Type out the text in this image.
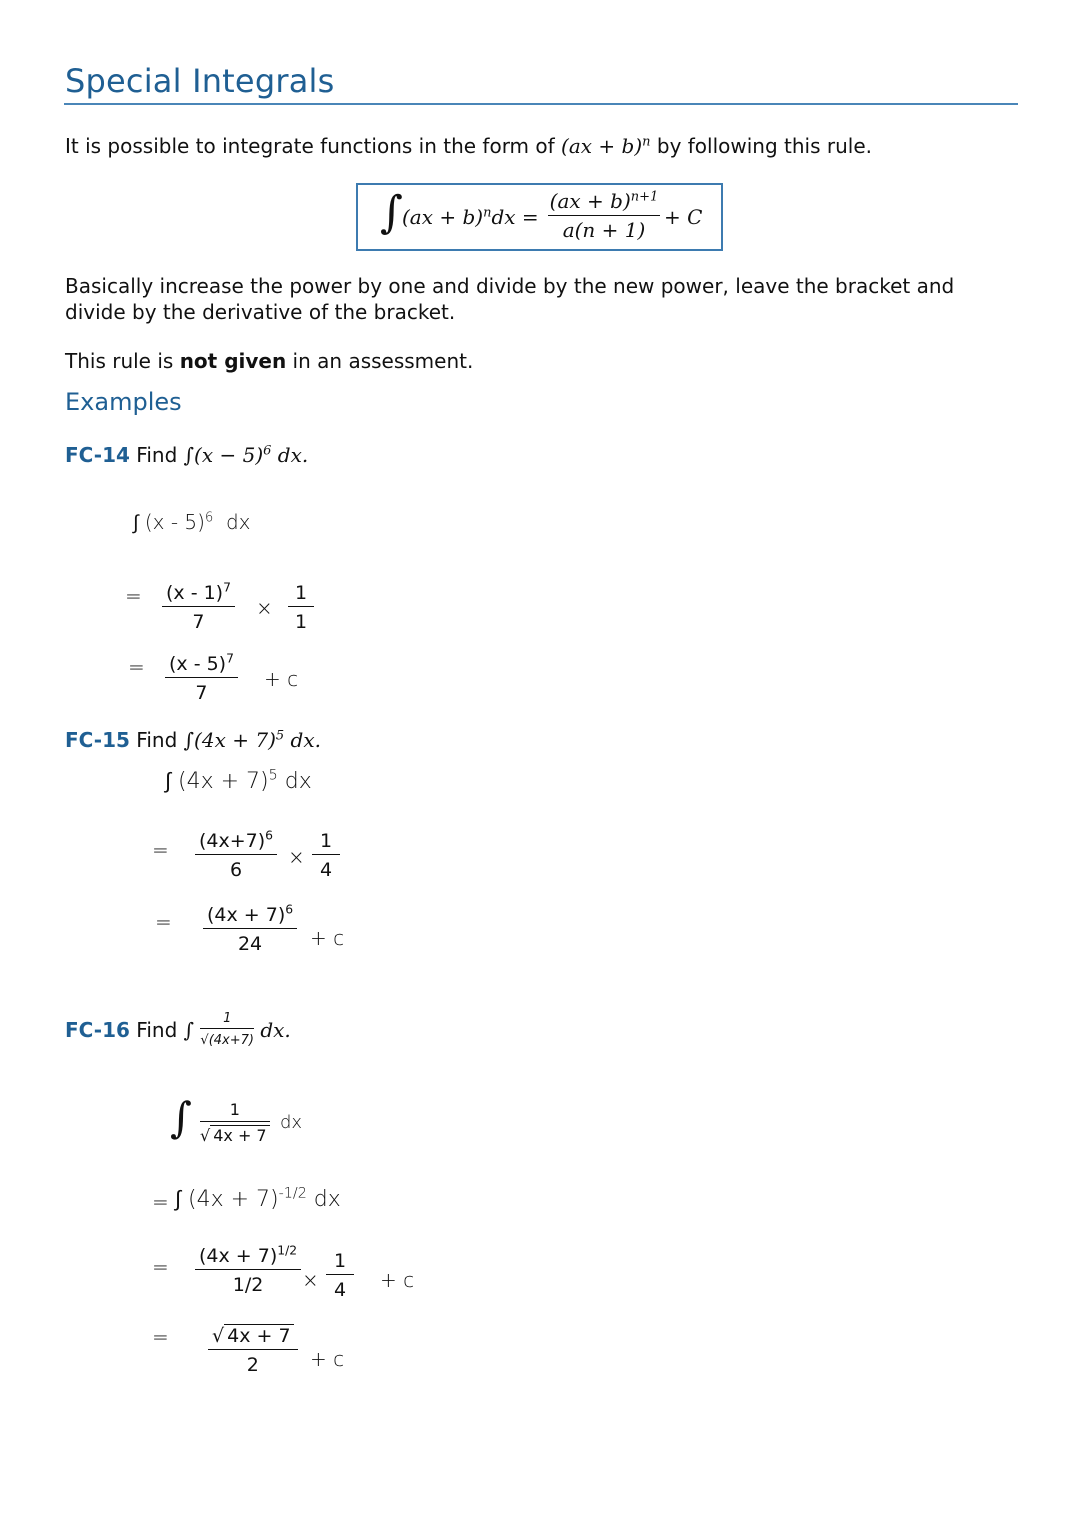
Special Integrals
It is possible to integrate functions in the form of (ax + b)$^n$ by following this rule.
∫ $(ax + b)^ndx = \frac{(ax + b)^{n+1}}{a(n + 1)} + C$
Basically increase the power by one and divide by the new power, leave the bracket and divide by the derivative of the bracket.
This rule is not given in an assessment.
Examples
FC-14 Find $\int(x - 5)^6$ dx.
∫ (x - 5)$^6$ dx
= $\frac{(x - 1)^7}{7} \times \frac{1}{1}$
= $\frac{(x - 5)^7}{7} + c$
FC-15 Find $\int(4x + 7)^5$ dx.
∫ $(4x + 7)^5$ dx
= $\frac{(4x+7)^6}{6} \times \frac{1}{4}$
= $\frac{(4x + 7)^6}{24} + c$
FC-16 Find ∫ $\frac{1}{√(4x+7)}$ dx.
∫ $\frac{1}{√ 4x + 7}$ dx
= ∫ $(4x + 7)^{-1/2}$ dx
= $\frac{(4x + 7)^{1/2}}{1/2} \times \frac{1}{4} + c$
= $\frac{√ 4x + 7}{2} + c$
